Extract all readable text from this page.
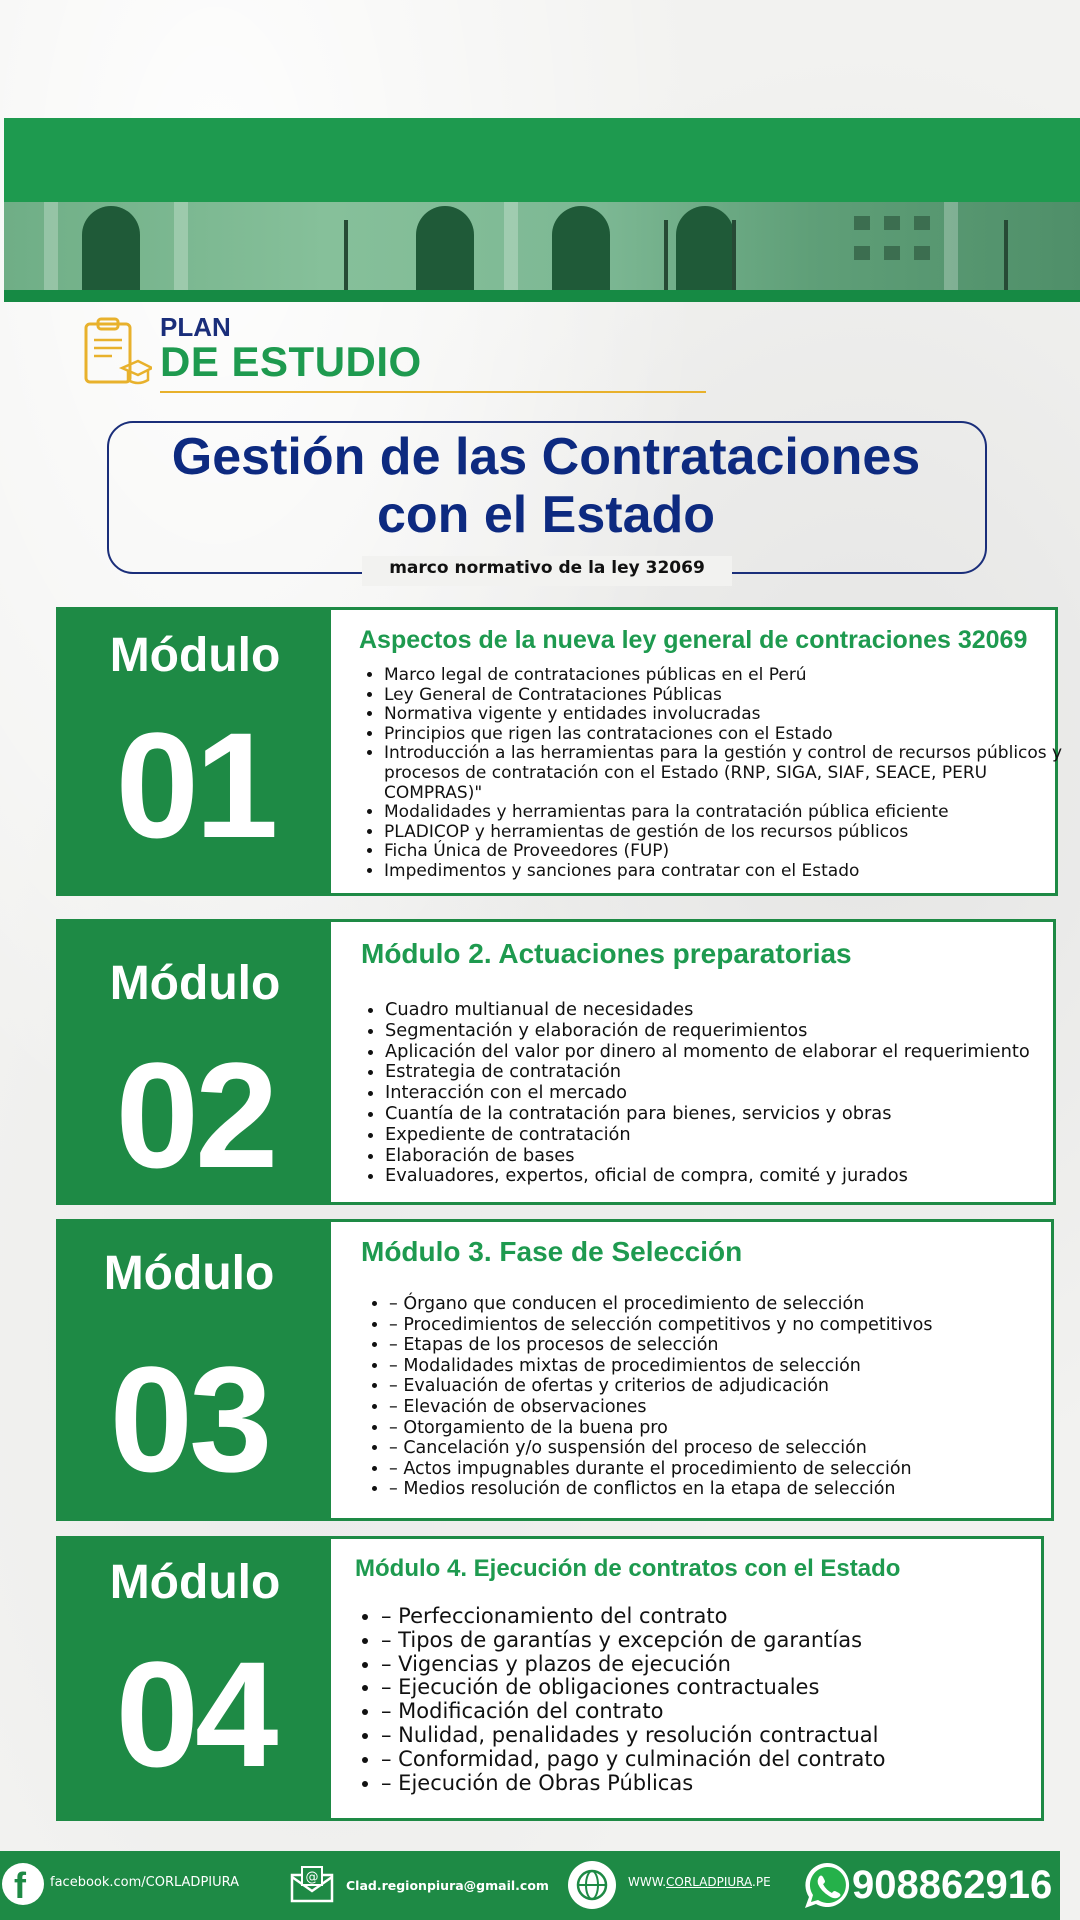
PLAN
DE ESTUDIO
Gestión de las Contrataciones
con el Estado
marco normativo de la ley 32069
Módulo
01
Aspectos de la nueva ley general de contraciones 32069
• Marco legal de contrataciones públicas en el Perú
• Ley General de Contrataciones Públicas
• Normativa vigente y entidades involucradas
• Principios que rigen las contrataciones con el Estado
• Introducción a las herramientas para la gestión y control de recursos públicos y procesos de contratación con el Estado (RNP, SIGA, SIAF, SEACE, PERU COMPRAS)"
• Modalidades y herramientas para la contratación pública eficiente
• PLADICOP y herramientas de gestión de los recursos públicos
• Ficha Única de Proveedores (FUP)
• Impedimentos y sanciones para contratar con el Estado
Módulo
02
Módulo 2. Actuaciones preparatorias
• Cuadro multianual de necesidades
• Segmentación y elaboración de requerimientos
• Aplicación del valor por dinero al momento de elaborar el requerimiento
• Estrategia de contratación
• Interacción con el mercado
• Cuantía de la contratación para bienes, servicios y obras
• Expediente de contratación
• Elaboración de bases
• Evaluadores, expertos, oficial de compra, comité y jurados
Módulo
03
Módulo 3. Fase de Selección
• – Órgano que conducen el procedimiento de selección
• – Procedimientos de selección competitivos y no competitivos
• – Etapas de los procesos de selección
• – Modalidades mixtas de procedimientos de selección
• – Evaluación de ofertas y criterios de adjudicación
• – Elevación de observaciones
• – Otorgamiento de la buena pro
• – Cancelación y/o suspensión del proceso de selección
• – Actos impugnables durante el procedimiento de selección
• – Medios resolución de conflictos en la etapa de selección
Módulo
04
Módulo 4. Ejecución de contratos con el Estado
• – Perfeccionamiento del contrato
• – Tipos de garantías y excepción de garantías
• – Vigencias y plazos de ejecución
• – Ejecución de obligaciones contractuales
• – Modificación del contrato
• – Nulidad, penalidades y resolución contractual
• – Conformidad, pago y culminación del contrato
• – Ejecución de Obras Públicas
f facebook.com/CORLADPIURA	@
Clad.regionpiura@gmail.com	WWW.CORLADPIURA.PE 908862916
